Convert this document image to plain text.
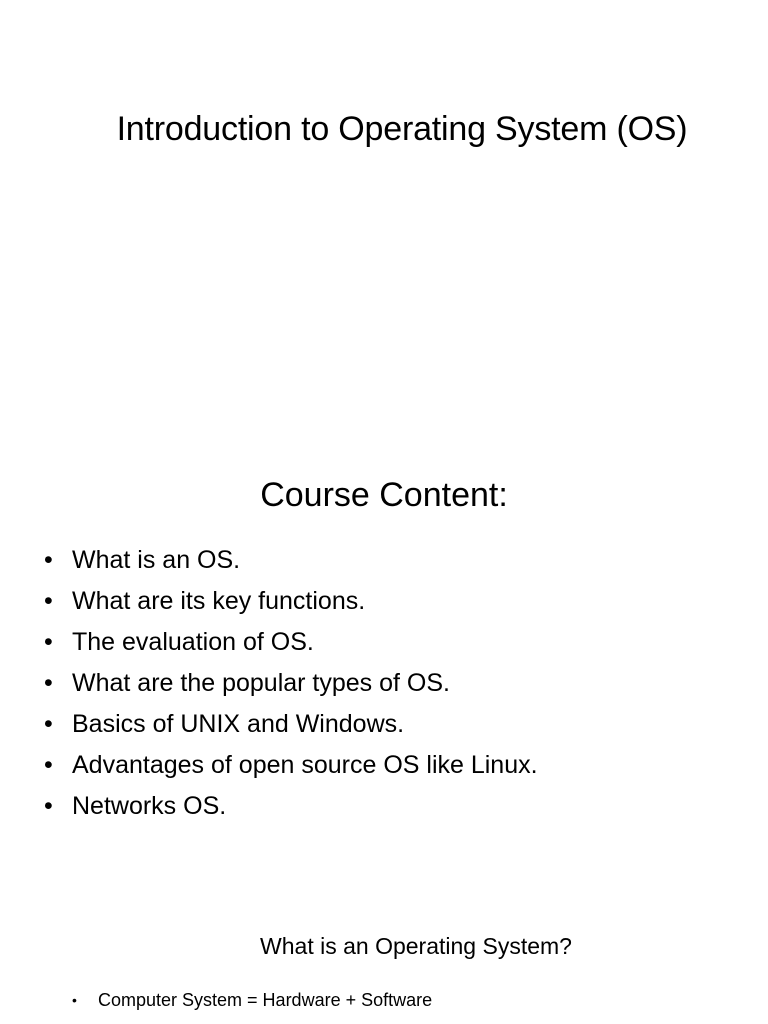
Introduction to Operating System (OS)
Course Content:
• What is an OS.
• What are its key functions.
• The evaluation of OS.
• What are the popular types of OS.
• Basics of UNIX and Windows.
• Advantages of open source OS like Linux.
• Networks OS.
What is an Operating System?
• Computer System = Hardware + Software
